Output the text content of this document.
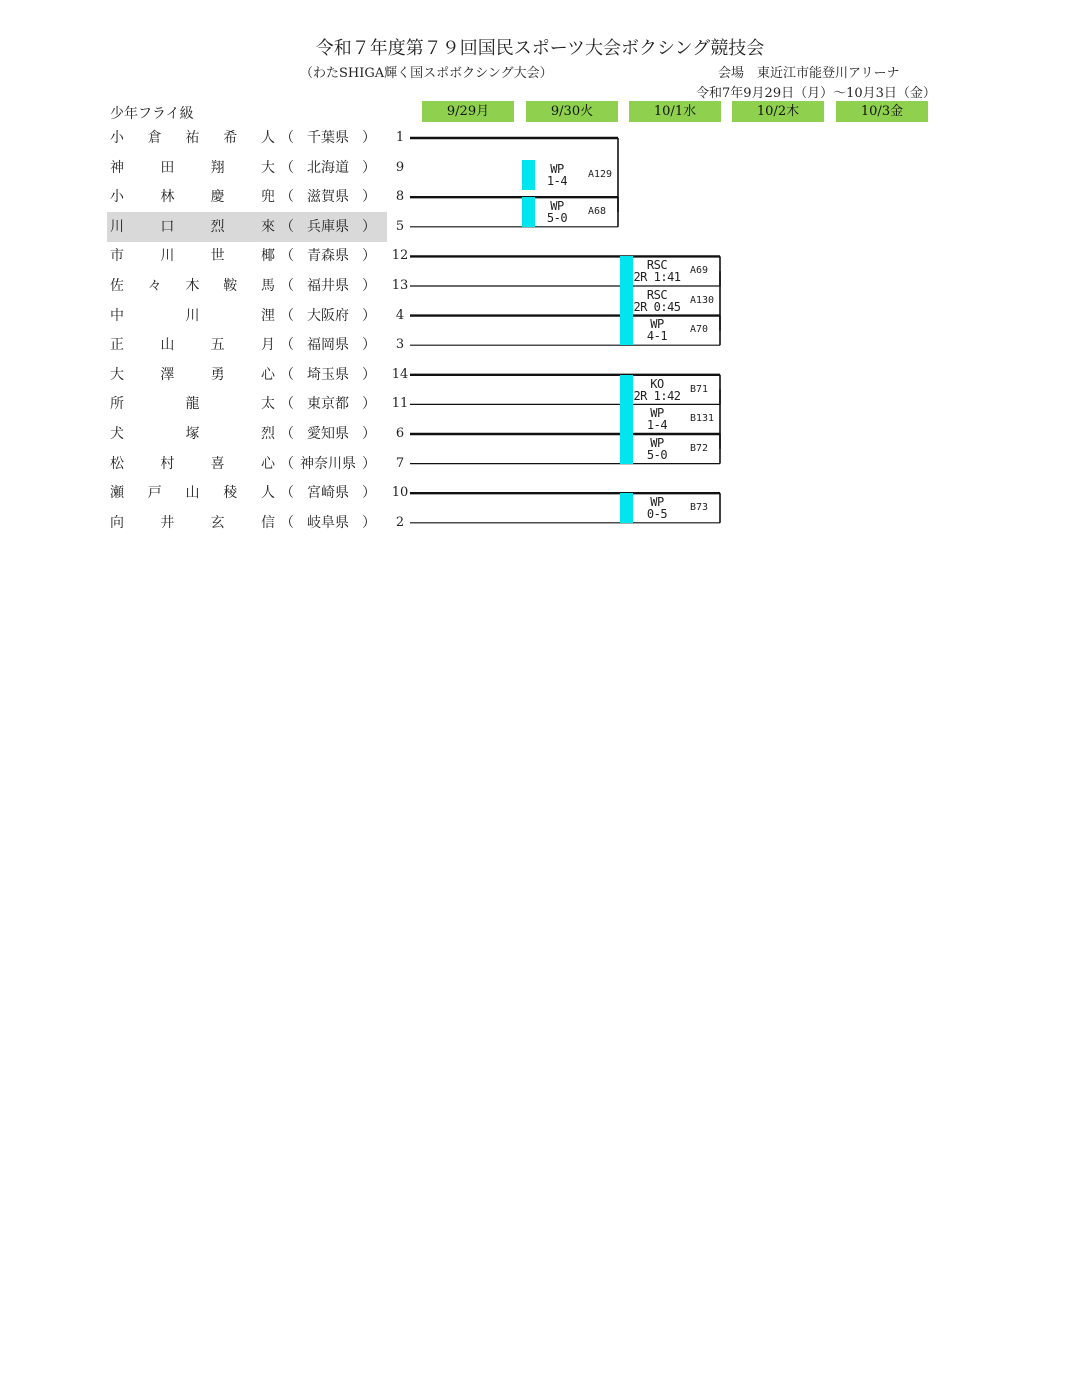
令和７年度第７９回国民スポーツ大会ボクシング競技会
（わたSHIGA輝く国スポボクシング大会）	会場　東近江市能登川アリーナ
令和7年9月29日（月）～10月3日（金）
少年フライ級	9/29月	9/30火	10/1水	10/2木	10/3金
小 倉 祐 希 人 （ 千葉県 ）	1
神	田	翔	大 （ 北海道 ）	9
小	林	慶	兜 （ 滋賀県 ）	8
川	口	烈	來 （ 兵庫県 ）	5
市	川	世	椰 （ 青森県 ） 12
佐 々 木 鞍 馬 （ 福井県 ） 13
中	川	浬 （ 大阪府 ）	4
正	山	五	月 （ 福岡県 ）	3
大	澤	勇	心 （ 埼玉県 ） 14
所	龍	太 （ 東京都 ） 11
犬	塚	烈 （ 愛知県 ）	6
松	村	喜	心 （ 神奈川県 ）	7
瀬 戸 山 稜 人 （ 宮崎県 ） 10
向	井	玄	信 （ 岐阜県 ）	2
WP
5-0	A68
RSC
2R 1:41 A69
WP
4-1	A70
KO
2R 1:42 B71
WP
5-0	B72
WP
0-5	B73
WP
1-4	A129
RSC
2R 0:45 A130
WP
1-4	B131
